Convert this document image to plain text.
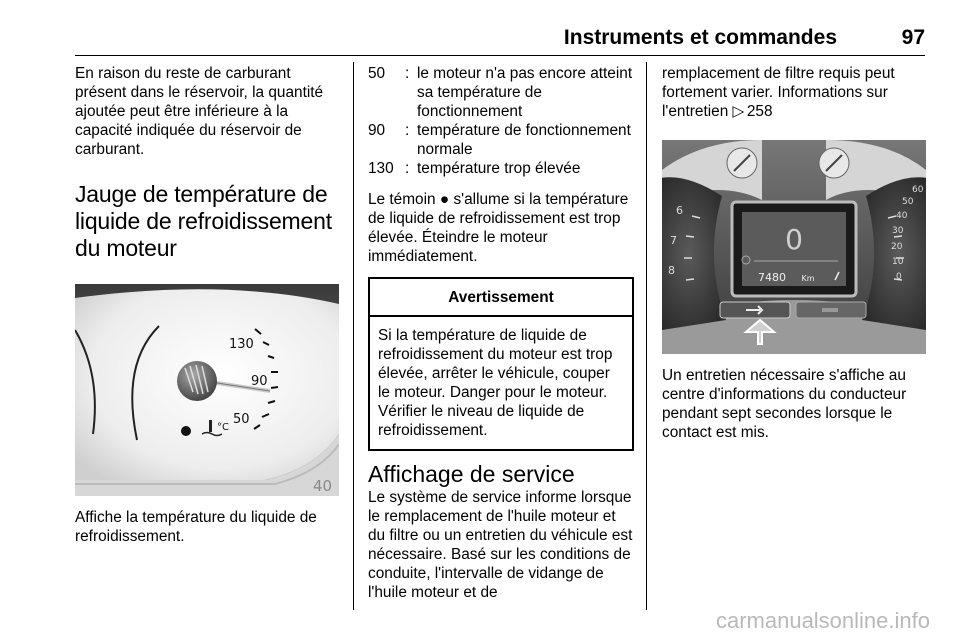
Instruments et commandes	97

En raison du reste de carburant présent dans le réservoir, la quantité ajoutée peut être inférieure à la capacité indiquée du réservoir de carburant.

Jauge de température de liquide de refroidissement du moteur
130
90
50
°C
40

Affiche la température du liquide de refroidissement.

50	: le moteur n'a pas encore atteint sa température de fonctionnement
90	: température de fonctionnement normale
130 : température trop élevée

Le témoin ● s'allume si la température de liquide de refroidissement est trop élevée. Éteindre le moteur immédiatement.

Avertissement
Si la température de liquide de refroidissement du moteur est trop élevée, arrêter le véhicule, couper le moteur. Danger pour le moteur. Vérifier le niveau de liquide de refroidissement.
Affichage de service

Le système de service informe lorsque le remplacement de l'huile moteur et du filtre ou un entretien du véhicule est nécessaire. Basé sur les conditions de conduite, l'intervalle de vidange de l'huile moteur et de

remplacement de filtre requis peut fortement varier. Informations sur l'entretien ▷ 258

0
7480 Km
6
7
8
60
50
40
30
20
10
0

Un entretien nécessaire s'affiche au centre d'informations du conducteur pendant sept secondes lorsque le contact est mis.

carmanualsonline.info
